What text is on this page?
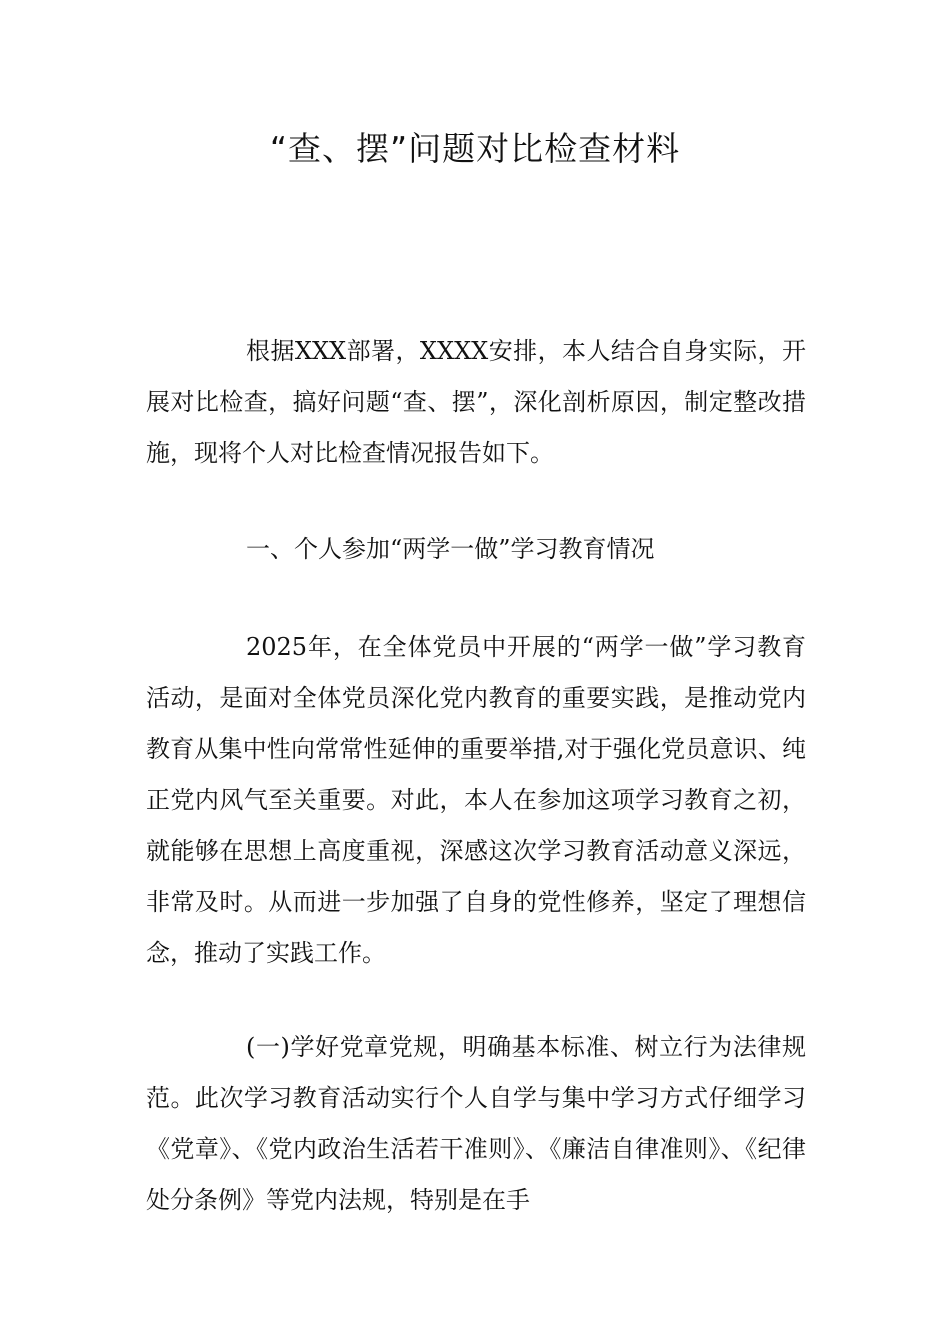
“查、摆”问题对比检查材料

根据XXX部署，XXXX安排，本人结合自身实际，开展对比检查，搞好问题“查、摆”，深化剖析原因，制定整改措施，现将个人对比检查情况报告如下。

一、个人参加“两学一做”学习教育情况

2025年，在全体党员中开展的“两学一做”学习教育活动，是面对全体党员深化党内教育的重要实践，是推动党内教育从集中性向常常性延伸的重要举措,对于强化党员意识、纯正党内风气至关重要。对此，本人在参加这项学习教育之初，就能够在思想上高度重视，深感这次学习教育活动意义深远，非常及时。从而进一步加强了自身的党性修养，坚定了理想信念，推动了实践工作。

(一)学好党章党规，明确基本标准、树立行为法律规范。此次学习教育活动实行个人自学与集中学习方式仔细学习《党章》、《党内政治生活若干准则》、《廉洁自律准则》、《纪律处分条例》等党内法规，特别是在手
